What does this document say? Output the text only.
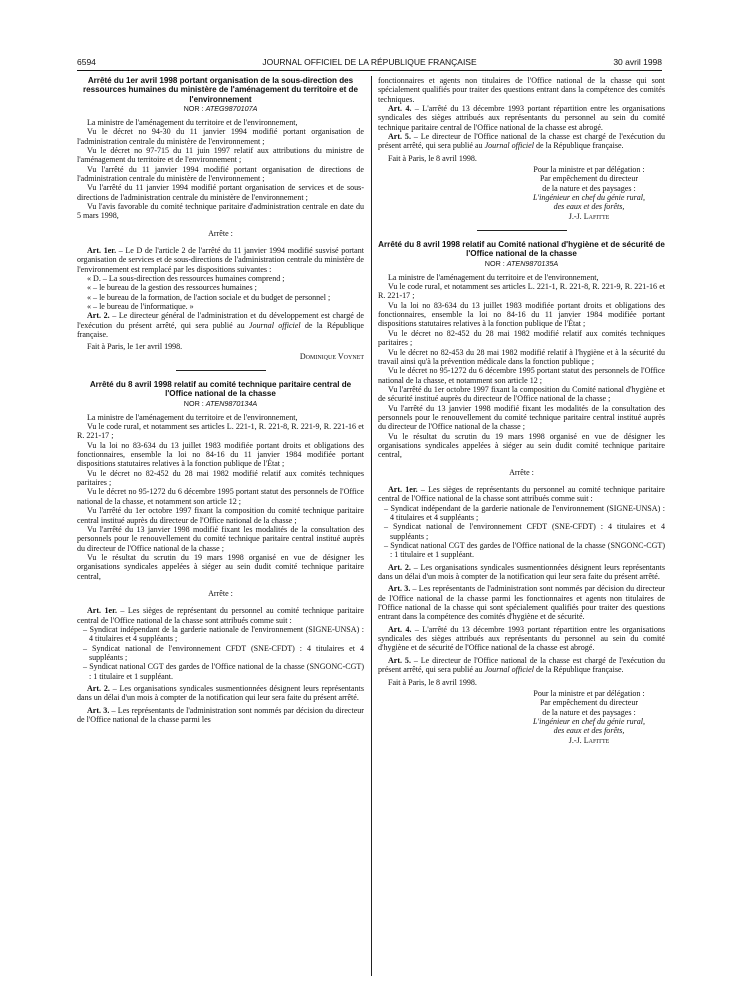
6594	JOURNAL OFFICIEL DE LA RÉPUBLIQUE FRANÇAISE	30 avril 1998

Arrêté du 1er avril 1998 portant organisation de la sous-direction des ressources humaines du ministère de l'aménagement du territoire et de l'environnement

NOR : ATEG9870107A

La ministre de l'aménagement du territoire et de l'environnement,

Vu le décret no 94-30 du 11 janvier 1994 modifié portant organisation de l'administration centrale du ministère de l'environnement ;

Vu le décret no 97-715 du 11 juin 1997 relatif aux attributions du ministre de l'aménagement du territoire et de l'environnement ;

Vu l'arrêté du 11 janvier 1994 modifié portant organisation de directions de l'administration centrale du ministère de l'environnement ;

Vu l'arrêté du 11 janvier 1994 modifié portant organisation de services et de sous-directions de l'administration centrale du ministère de l'environnement ;

Vu l'avis favorable du comité technique paritaire d'administration centrale en date du 5 mars 1998,

Arrête :

Art. 1er. – Le D de l'article 2 de l'arrêté du 11 janvier 1994 modifié susvisé portant organisation de services et de sous-directions de l'administration centrale du ministère de l'environnement est remplacé par les dispositions suivantes :

« D. – La sous-direction des ressources humaines comprend ;

« – le bureau de la gestion des ressources humaines ;

« – le bureau de la formation, de l'action sociale et du budget de personnel ;

« – le bureau de l'informatique. »

Art. 2. – Le directeur général de l'administration et du développement est chargé de l'exécution du présent arrêté, qui sera publié au Journal officiel de la République française.

Fait à Paris, le 1er avril 1998.

Dominique Voynet

Arrêté du 8 avril 1998 relatif au comité technique paritaire central de l'Office national de la chasse

NOR : ATEN9870134A

La ministre de l'aménagement du territoire et de l'environnement,

Vu le code rural, et notamment ses articles L. 221-1, R. 221-8, R. 221-9, R. 221-16 et R. 221-17 ;

Vu la loi no 83-634 du 13 juillet 1983 modifiée portant droits et obligations des fonctionnaires, ensemble la loi no 84-16 du 11 janvier 1984 modifiée portant dispositions statutaires relatives à la fonction publique de l'État ;

Vu le décret no 82-452 du 28 mai 1982 modifié relatif aux comités techniques paritaires ;

Vu le décret no 95-1272 du 6 décembre 1995 portant statut des personnels de l'Office national de la chasse, et notamment son article 12 ;

Vu l'arrêté du 1er octobre 1997 fixant la composition du comité technique paritaire central institué auprès du directeur de l'Office national de la chasse ;

Vu l'arrêté du 13 janvier 1998 modifié fixant les modalités de la consultation des personnels pour le renouvellement du comité technique paritaire central institué auprès du directeur de l'Office national de la chasse ;

Vu le résultat du scrutin du 19 mars 1998 organisé en vue de désigner les organisations syndicales appelées à siéger au sein dudit comité technique paritaire central,

Arrête :

Art. 1er. – Les sièges de représentant du personnel au comité technique paritaire central de l'Office national de la chasse sont attribués comme suit :

– Syndicat indépendant de la garderie nationale de l'environnement (SIGNE-UNSA) : 4 titulaires et 4 suppléants ;

– Syndicat national de l'environnement CFDT (SNE-CFDT) : 4 titulaires et 4 suppléants ;

– Syndicat national CGT des gardes de l'Office national de la chasse (SNGONC-CGT) : 1 titulaire et 1 suppléant.

Art. 2. – Les organisations syndicales susmentionnées désignent leurs représentants dans un délai d'un mois à compter de la notification qui leur sera faite du présent arrêté.

Art. 3. – Les représentants de l'administration sont nommés par décision du directeur de l'Office national de la chasse parmi les

fonctionnaires et agents non titulaires de l'Office national de la chasse qui sont spécialement qualifiés pour traiter des questions entrant dans la compétence des comités techniques.

Art. 4. – L'arrêté du 13 décembre 1993 portant répartition entre les organisations syndicales des sièges attribués aux représentants du personnel au sein du comité technique paritaire central de l'Office national de la chasse est abrogé.

Art. 5. – Le directeur de l'Office national de la chasse est chargé de l'exécution du présent arrêté, qui sera publié au Journal officiel de la République française.

Fait à Paris, le 8 avril 1998.

Pour la ministre et par délégation :

Par empêchement du directeur

de la nature et des paysages :

L'ingénieur en chef du génie rural,

des eaux et des forêts,

J.-J. Lafitte

Arrêté du 8 avril 1998 relatif au Comité national d'hygiène et de sécurité de l'Office national de la chasse

NOR : ATEN9870135A

La ministre de l'aménagement du territoire et de l'environnement,

Vu le code rural, et notamment ses articles L. 221-1, R. 221-8, R. 221-9, R. 221-16 et R. 221-17 ;

Vu la loi no 83-634 du 13 juillet 1983 modifiée portant droits et obligations des fonctionnaires, ensemble la loi no 84-16 du 11 janvier 1984 modifiée portant dispositions statutaires relatives à la fonction publique de l'État ;

Vu le décret no 82-452 du 28 mai 1982 modifié relatif aux comités techniques paritaires ;

Vu le décret no 82-453 du 28 mai 1982 modifié relatif à l'hygiène et à la sécurité du travail ainsi qu'à la prévention médicale dans la fonction publique ;

Vu le décret no 95-1272 du 6 décembre 1995 portant statut des personnels de l'Office national de la chasse, et notamment son article 12 ;

Vu l'arrêté du 1er octobre 1997 fixant la composition du Comité national d'hygiène et de sécurité institué auprès du directeur de l'Office national de la chasse ;

Vu l'arrêté du 13 janvier 1998 modifié fixant les modalités de la consultation des personnels pour le renouvellement du comité technique paritaire central institué auprès du directeur de l'Office national de la chasse ;

Vu le résultat du scrutin du 19 mars 1998 organisé en vue de désigner les organisations syndicales appelées à siéger au sein dudit comité technique paritaire central,

Arrête :

Art. 1er. – Les sièges de représentants du personnel au comité technique paritaire central de l'Office national de la chasse sont attribués comme suit :

– Syndicat indépendant de la garderie nationale de l'environnement (SIGNE-UNSA) : 4 titulaires et 4 suppléants ;

– Syndicat national de l'environnement CFDT (SNE-CFDT) : 4 titulaires et 4 suppléants ;

– Syndicat national CGT des gardes de l'Office national de la chasse (SNGONC-CGT) : 1 titulaire et 1 suppléant.

Art. 2. – Les organisations syndicales susmentionnées désignent leurs représentants dans un délai d'un mois à compter de la notification qui leur sera faite du présent arrêté.

Art. 3. – Les représentants de l'administration sont nommés par décision du directeur de l'Office national de la chasse parmi les fonctionnaires et agents non titulaires de l'Office national de la chasse qui sont spécialement qualifiés pour traiter des questions entrant dans la compétence des comités d'hygiène et de sécurité.

Art. 4. – L'arrêté du 13 décembre 1993 portant répartition entre les organisations syndicales des sièges attribués aux représentants du personnel au sein du comité d'hygiène et de sécurité de l'Office national de la chasse est abrogé.

Art. 5. – Le directeur de l'Office national de la chasse est chargé de l'exécution du présent arrêté, qui sera publié au Journal officiel de la République française.

Fait à Paris, le 8 avril 1998.

Pour la ministre et par délégation :

Par empêchement du directeur

de la nature et des paysages :

L'ingénieur en chef du génie rural,

des eaux et des forêts,

J.-J. Lafitte
